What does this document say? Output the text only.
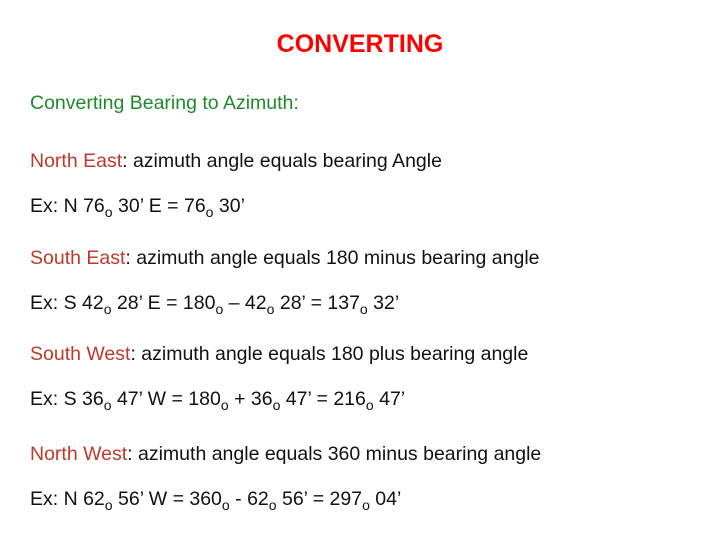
CONVERTING

Converting Bearing to Azimuth:

North East: azimuth angle equals bearing Angle

Ex: N $76_o$ 30’ $E = 76_o$ 30’

South East: azimuth angle equals 180 minus bearing angle

Ex: S $42_o$ 28’ $E = 180_o - 42_o$ 28’ = $137_o$ 32’

South West: azimuth angle equals 180 plus bearing angle

Ex: S $36_o$ 47’ $W = 180_o + 36_o$ 47’ = $216_o$ 47’

North West: azimuth angle equals 360 minus bearing angle

Ex: N $62_o$ 56’ $W = 360_o - 62_o$ 56’ = $297_o$ 04’
